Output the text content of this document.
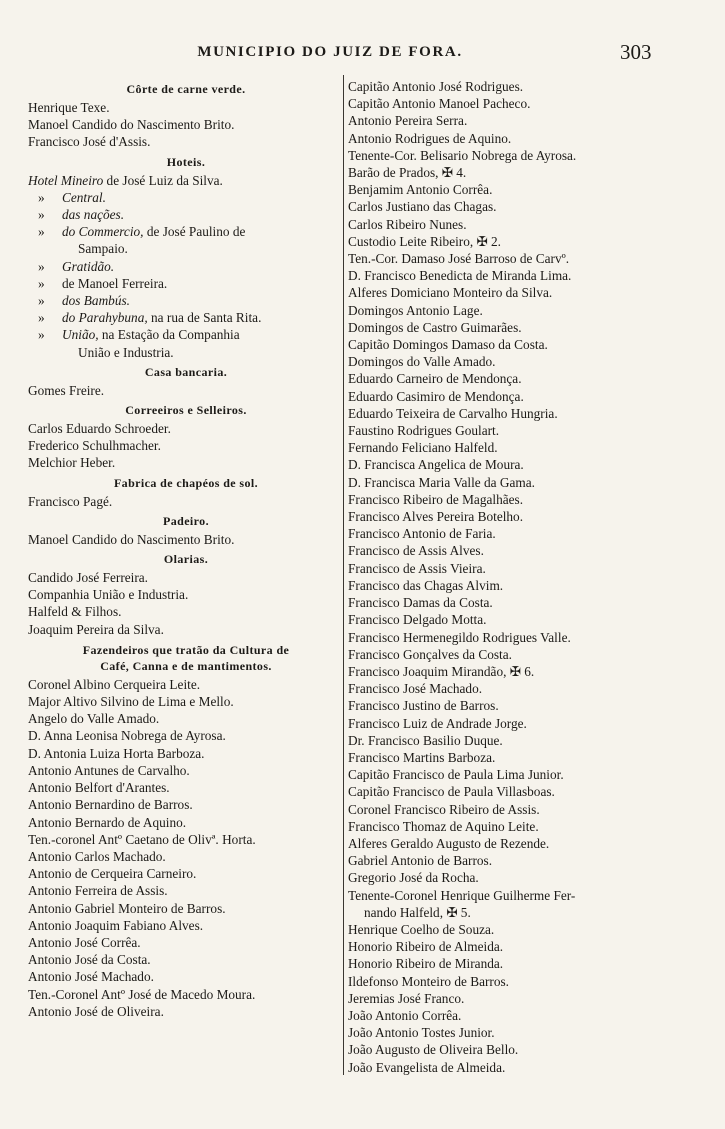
MUNICIPIO DO JUIZ DE FORA.	303
Côrte de carne verde.
Henrique Texe.
Manoel Candido do Nascimento Brito.
Francisco José d'Assis.
Hoteis.
Hotel Mineiro de José Luiz da Silva.
» Central.
» das nações.
» do Commercio, de José Paulino de
Sampaio.
» Gratidão.
» de Manoel Ferreira.
» dos Bambús.
» do Parahybuna, na rua de Santa Rita.
» União, na Estação da Companhia
União e Industria.
Casa bancaria.
Gomes Freire.
Correeiros e Selleiros.
Carlos Eduardo Schroeder.
Frederico Schulhmacher.
Melchior Heber.
Fabrica de chapéos de sol.
Francisco Pagé.
Padeiro.
Manoel Candido do Nascimento Brito.
Olarias.
Candido José Ferreira.
Companhia União e Industria.
Halfeld & Filhos.
Joaquim Pereira da Silva.
Fazendeiros que tratão da Cultura de
Café, Canna e de mantimentos.
Coronel Albino Cerqueira Leite.
Major Altivo Silvino de Lima e Mello.
Angelo do Valle Amado.
D. Anna Leonisa Nobrega de Ayrosa.
D. Antonia Luiza Horta Barboza.
Antonio Antunes de Carvalho.
Antonio Belfort d'Arantes.
Antonio Bernardino de Barros.
Antonio Bernardo de Aquino.
Ten.-coronel Antº Caetano de Olivª. Horta.
Antonio Carlos Machado.
Antonio de Cerqueira Carneiro.
Antonio Ferreira de Assis.
Antonio Gabriel Monteiro de Barros.
Antonio Joaquim Fabiano Alves.
Antonio José Corrêa.
Antonio José da Costa.
Antonio José Machado.
Ten.-Coronel Antº José de Macedo Moura.
Antonio José de Oliveira.
Capitão Antonio José Rodrigues.
Capitão Antonio Manoel Pacheco.
Antonio Pereira Serra.
Antonio Rodrigues de Aquino.
Tenente-Cor. Belisario Nobrega de Ayrosa.
Barão de Prados, ✠ 4.
Benjamim Antonio Corrêa.
Carlos Justiano das Chagas.
Carlos Ribeiro Nunes.
Custodio Leite Ribeiro, ✠ 2.
Ten.-Cor. Damaso José Barroso de Carvº.
D. Francisco Benedicta de Miranda Lima.
Alferes Domiciano Monteiro da Silva.
Domingos Antonio Lage.
Domingos de Castro Guimarães.
Capitão Domingos Damaso da Costa.
Domingos do Valle Amado.
Eduardo Carneiro de Mendonça.
Eduardo Casimiro de Mendonça.
Eduardo Teixeira de Carvalho Hungria.
Faustino Rodrigues Goulart.
Fernando Feliciano Halfeld.
D. Francisca Angelica de Moura.
D. Francisca Maria Valle da Gama.
Francisco Ribeiro de Magalhães.
Francisco Alves Pereira Botelho.
Francisco Antonio de Faria.
Francisco de Assis Alves.
Francisco de Assis Vieira.
Francisco das Chagas Alvim.
Francisco Damas da Costa.
Francisco Delgado Motta.
Francisco Hermenegildo Rodrigues Valle.
Francisco Gonçalves da Costa.
Francisco Joaquim Mirandão, ✠ 6.
Francisco José Machado.
Francisco Justino de Barros.
Francisco Luiz de Andrade Jorge.
Dr. Francisco Basilio Duque.
Francisco Martins Barboza.
Capitão Francisco de Paula Lima Junior.
Capitão Francisco de Paula Villasboas.
Coronel Francisco Ribeiro de Assis.
Francisco Thomaz de Aquino Leite.
Alferes Geraldo Augusto de Rezende.
Gabriel Antonio de Barros.
Gregorio José da Rocha.
Tenente-Coronel Henrique Guilherme Fer-
nando Halfeld, ✠ 5.
Henrique Coelho de Souza.
Honorio Ribeiro de Almeida.
Honorio Ribeiro de Miranda.
Ildefonso Monteiro de Barros.
Jeremias José Franco.
João Antonio Corrêa.
João Antonio Tostes Junior.
João Augusto de Oliveira Bello.
João Evangelista de Almeida.
